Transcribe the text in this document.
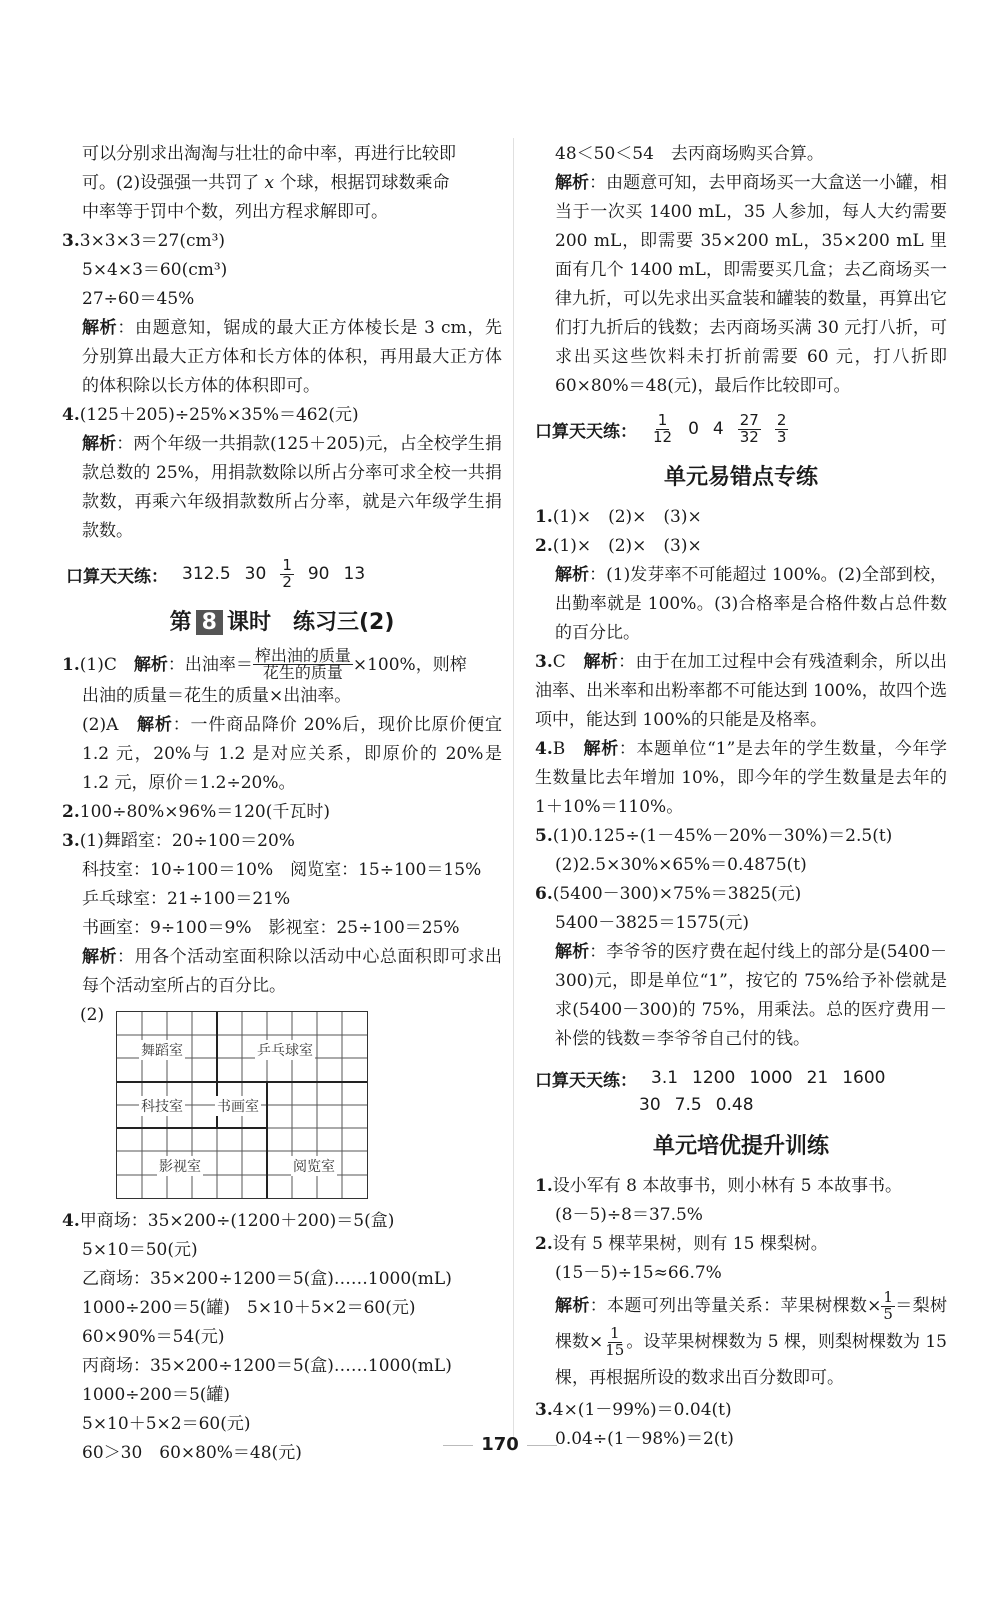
可以分别求出淘淘与壮壮的命中率，再进行比较即
可。(2)设强强一共罚了 𝑥 个球，根据罚球数乘命
中率等于罚中个数，列出方程求解即可。
3.3×3×3＝27(cm³)
5×4×3＝60(cm³)
27÷60＝45%
解析：由题意知，锯成的最大正方体棱长是 3 cm，先分别算出最大正方体和长方体的体积，再用最大正方体的体积除以长方体的体积即可。
4.(125＋205)÷25%×35%＝462(元)
解析：两个年级一共捐款(125＋205)元，占全校学生捐款总数的 25%，用捐款数除以所占分率可求全校一共捐款数，再乘六年级捐款数所占分率，就是六年级学生捐款数。
口算天天练： 312.5 $30 \frac{1}{2} 90$ 13
第 8 课时　练习三(2)
1.(1)C　 解析：出油率＝ $\frac{\text{榨出油的质量}}{\text{花生的质量}} \times 100\%$，则榨
出油的质量＝花生的质量×出油率。
(2)A　 解析：一件商品降价 20%后，现价比原价便宜 1.2 元，20%与 1.2 是对应关系，即原价的 20%是 1.2 元，原价＝1.2÷20%。
2.100÷80%×96%＝120(千瓦时)
3.(1)舞蹈室：20÷100＝20%
科技室：10÷100＝10%　阅览室：15÷100＝15%
乒乓球室：21÷100＝21%
书画室：9÷100＝9%　影视室：25÷100＝25%
解析：用各个活动室面积除以活动中心总面积即可求出每个活动室所占的百分比。
(2)
舞蹈室	乒乓球室
科技室 书画室
影视室	阅览室
4.甲商场：35×200÷(1200＋200)＝5(盒)
5×10＝50(元)
乙商场：35×200÷1200＝5(盒)……1000(mL)
1000÷200＝5(罐)　5×10＋5×2＝60(元)
60×90%＝54(元)
丙商场：35×200÷1200＝5(盒)……1000(mL)
1000÷200＝5(罐)
5×10＋5×2＝60(元)
60＞30　60×80%＝48(元)
48＜50＜54　去丙商场购买合算。
解析：由题意可知，去甲商场买一大盒送一小罐，相当于一次买 1400 mL，35 人参加，每人大约需要 200 mL，即需要 35×200 mL，35×200 mL 里面有几个 1400 mL，即需要买几盒；去乙商场买一律九折，可以先求出买盒装和罐装的数量，再算出它们打九折后的钱数；去丙商场买满 30 元打八折，可求出买这些饮料未打折前需要 60 元，打八折即 60×80%＝48(元)，最后作比较即可。
口算天天练： $\frac{1}{12} 0$ $4 \frac{27}{32} \frac{2}{3}$
单元易错点专练
1.(1)×　(2)×　(3)×
2.(1)×　(2)×　(3)×
解析：(1)发芽率不可能超过 100%。(2)全部到校，出勤率就是 100%。(3)合格率是合格件数占总件数的百分比。
3.C　 解析：由于在加工过程中会有残渣剩余，所以出油率、出米率和出粉率都不可能达到 100%，故四个选项中，能达到 100%的只能是及格率。
4.B　 解析：本题单位“1”是去年的学生数量，今年学生数量比去年增加 10%，即今年的学生数量是去年的 1＋10%＝110%。
5.(1)0.125÷(1－45%－20%－30%)＝2.5(t)
(2)2.5×30%×65%＝0.4875(t)
6.(5400－300)×75%＝3825(元)
5400－3825＝1575(元)
解析：李爷爷的医疗费在起付线上的部分是(5400－300)元，即是单位“1”，按它的 75%给予补偿就是求(5400－300)的 75%，用乘法。总的医疗费用－补偿的钱数＝李爷爷自己付的钱。
口算天天练： 3.1 1200 1000 21 1600
30 7.5 0.48
单元培优提升训练
1.设小军有 8 本故事书，则小林有 5 本故事书。
(8－5)÷8＝37.5%
2.设有 5 棵苹果树，则有 15 棵梨树。
(15－5)÷15≈66.7%
解析：本题可列出等量关系：苹果树棵数× $\frac{1}{5}$ ＝梨树棵数× $\frac{1}{15}$ 。设苹果树棵数为 5 棵，则梨树棵数为 15 棵，再根据所设的数求出百分数即可。
3.4×(1－99%)＝0.04(t)
0.04÷(1－98%)＝2(t)
170
